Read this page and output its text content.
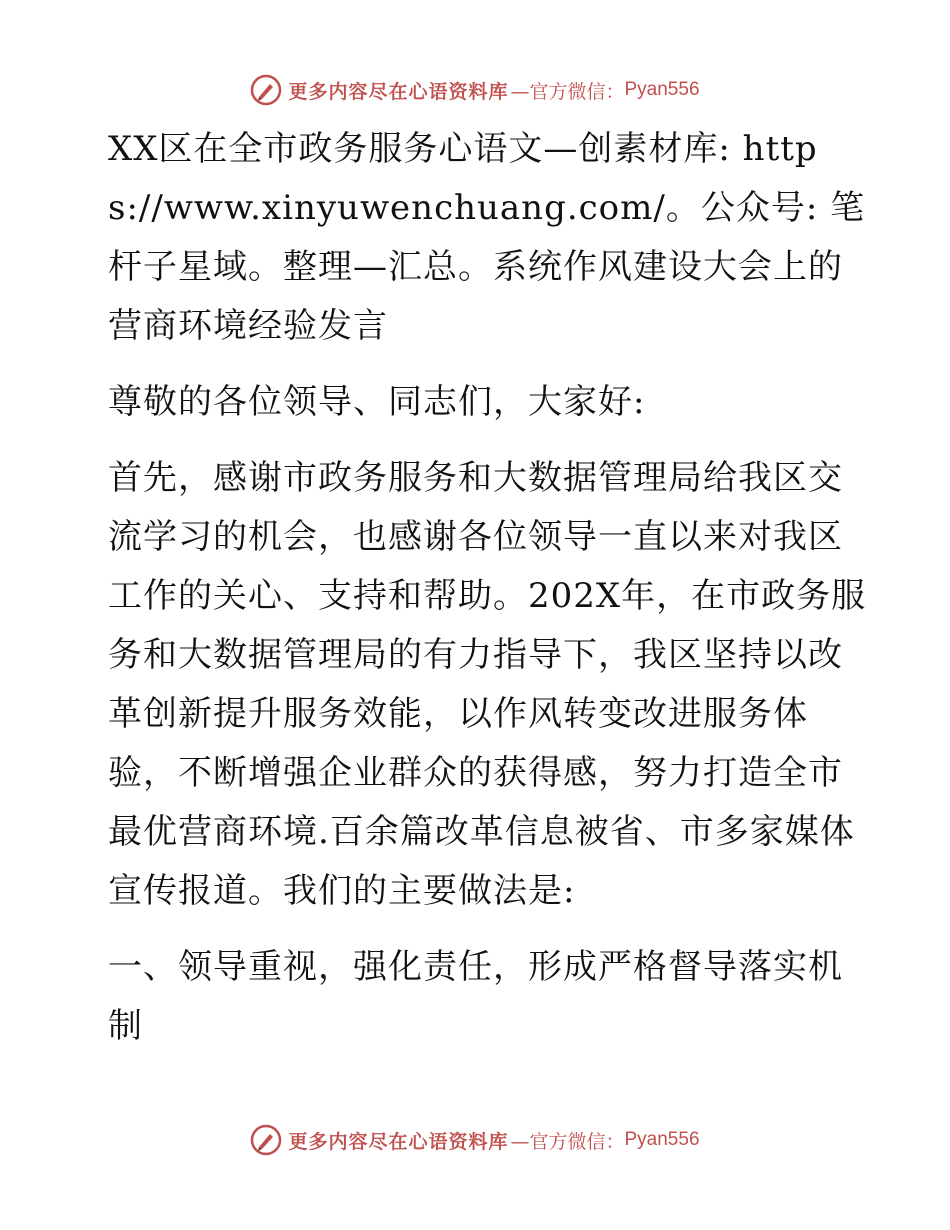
更多内容尽在心语资料库 —官方微信： Pyan556

XX区在全市政务服务心语文—创素材库: https://www.xinyuwenchuang.com/。公众号: 笔杆子星域。整理—汇总。系统作风建设大会上的营商环境经验发言

尊敬的各位领导、同志们，大家好:

首先，感谢市政务服务和大数据管理局给我区交流学习的机会，也感谢各位领导一直以来对我区工作的关心、支持和帮助。202X年，在市政务服务和大数据管理局的有力指导下，我区坚持以改革创新提升服务效能，以作风转变改进服务体验，不断增强企业群众的获得感，努力打造全市最优营商环境.百余篇改革信息被省、市多家媒体宣传报道。我们的主要做法是:

一、领导重视，强化责任，形成严格督导落实机制

更多内容尽在心语资料库 —官方微信： Pyan556
